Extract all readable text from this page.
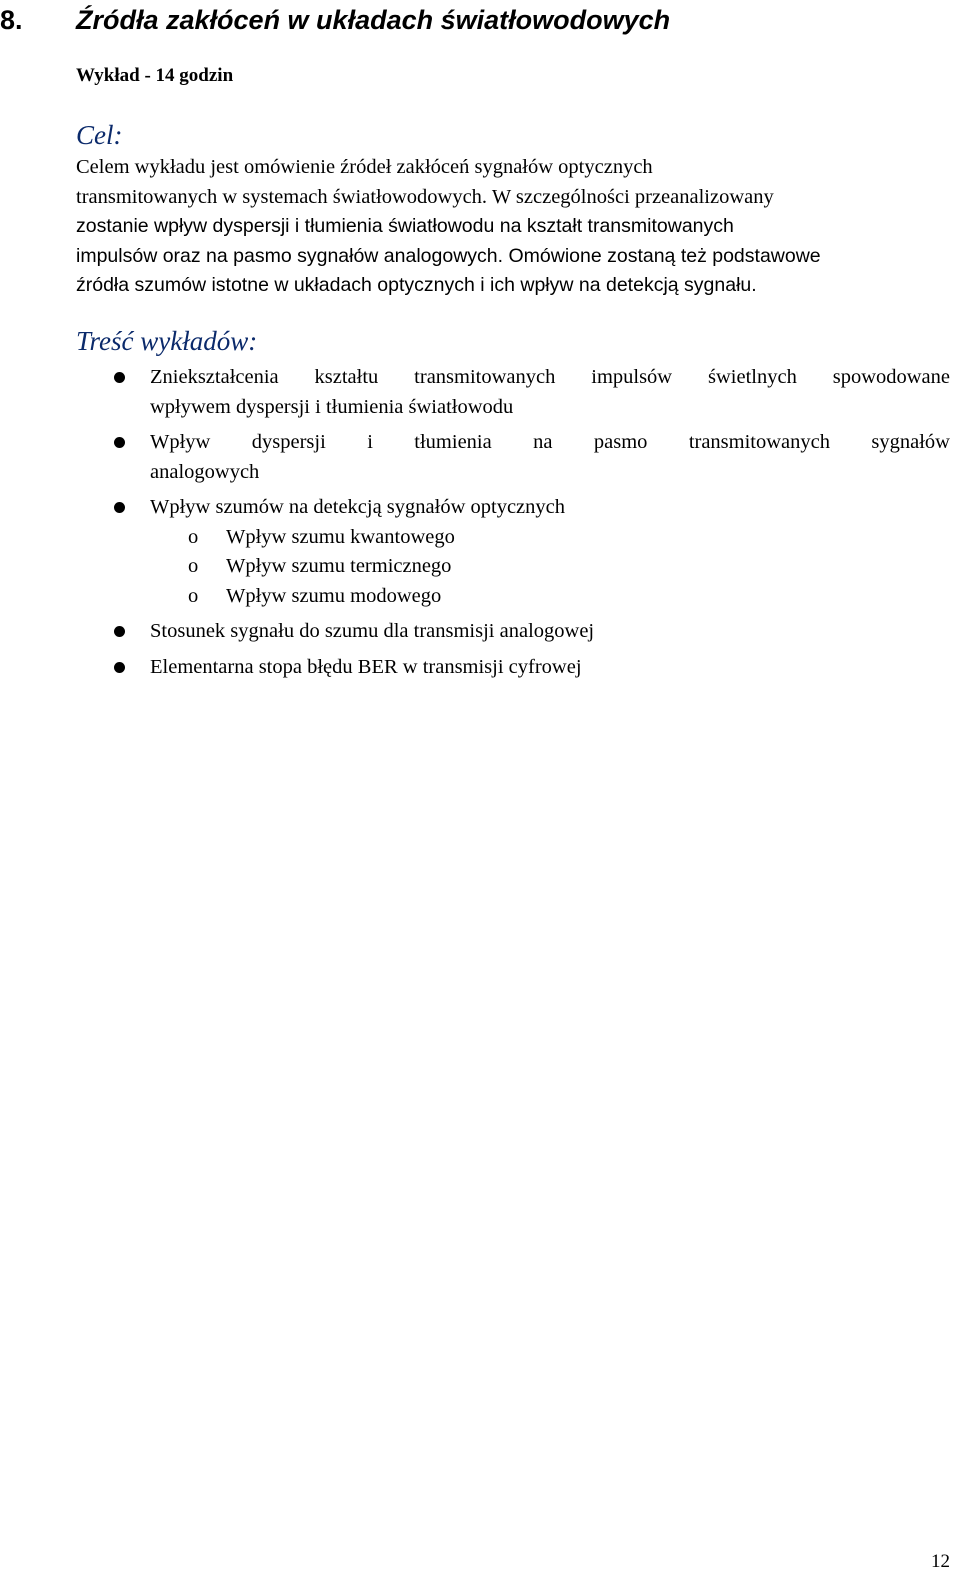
8. Źródła zakłóceń w układach światłowodowych
Wykład - 14 godzin
Cel:
Celem wykładu jest omówienie źródeł zakłóceń sygnałów optycznych
transmitowanych w systemach światłowodowych. W szczególności przeanalizowany
zostanie wpływ dyspersji i tłumienia światłowodu na kształt transmitowanych
impulsów oraz na pasmo sygnałów analogowych. Omówione zostaną też podstawowe
źródła szumów istotne w układach optycznych i ich wpływ na detekcją sygnału.
Treść wykładów:
Zniekształcenia kształtu transmitowanych impulsów świetlnych spowodowane
wpływem dyspersji i tłumienia światłowodu
Wpływ dyspersji i tłumienia na pasmo transmitowanych sygnałów
analogowych
Wpływ szumów na detekcją sygnałów optycznych
o Wpływ szumu kwantowego
o Wpływ szumu termicznego
o Wpływ szumu modowego
Stosunek sygnału do szumu dla transmisji analogowej
Elementarna stopa błędu BER w transmisji cyfrowej
12
